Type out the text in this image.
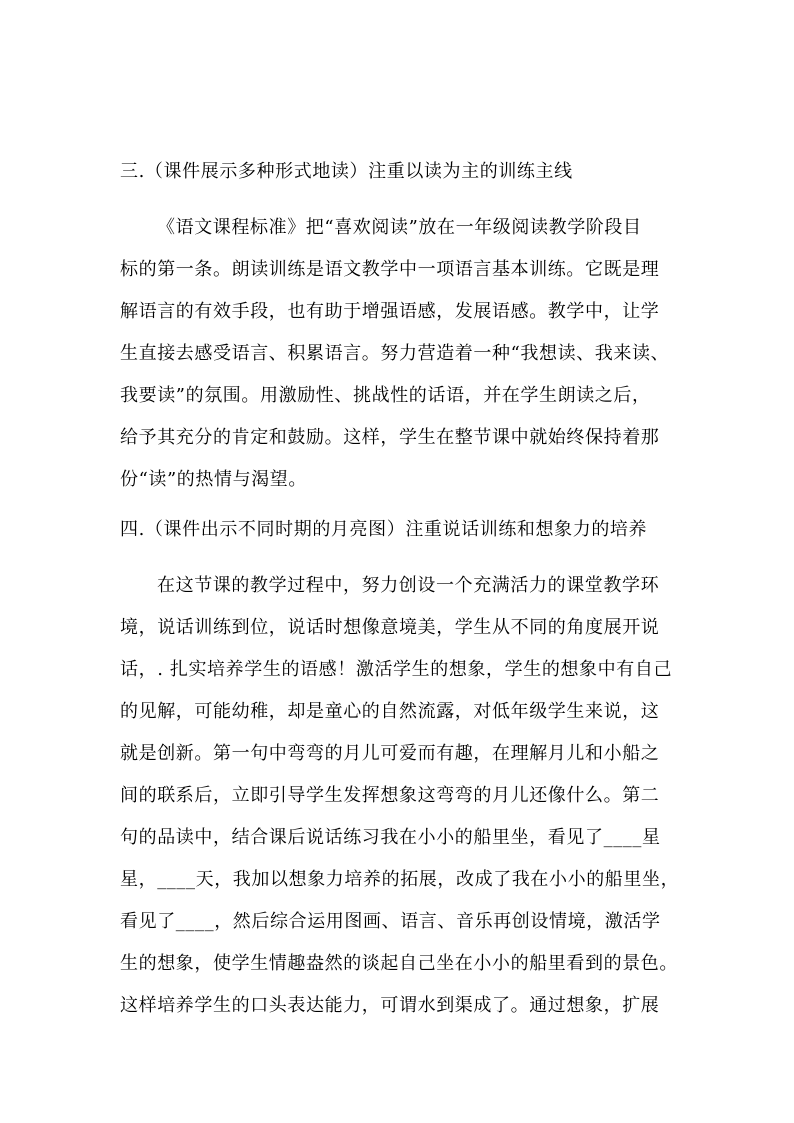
三.（课件展示多种形式地读）注重以读为主的训练主线
《语文课程标准》把“喜欢阅读”放在一年级阅读教学阶段目
标的第一条。朗读训练是语文教学中一项语言基本训练。它既是理
解语言的有效手段，也有助于增强语感，发展语感。教学中，让学
生直接去感受语言、积累语言。努力营造着一种“我想读、我来读、
我要读”的氛围。用激励性、挑战性的话语，并在学生朗读之后，
给予其充分的肯定和鼓励。这样，学生在整节课中就始终保持着那
份“读”的热情与渴望。
四.（课件出示不同时期的月亮图）注重说话训练和想象力的培养
在这节课的教学过程中，努力创设一个充满活力的课堂教学环
境，说话训练到位，说话时想像意境美，学生从不同的角度展开说
话，. 扎实培养学生的语感！激活学生的想象，学生的想象中有自己
的见解，可能幼稚，却是童心的自然流露，对低年级学生来说，这
就是创新。第一句中弯弯的月儿可爱而有趣，在理解月儿和小船之
间的联系后，立即引导学生发挥想象这弯弯的月儿还像什么。第二
句的品读中，结合课后说话练习我在小小的船里坐，看见了____星
星，____天，我加以想象力培养的拓展，改成了我在小小的船里坐，
看见了____，然后综合运用图画、语言、音乐再创设情境，激活学
生的想象，使学生情趣盎然的谈起自己坐在小小的船里看到的景色。
这样培养学生的口头表达能力，可谓水到渠成了。通过想象，扩展
